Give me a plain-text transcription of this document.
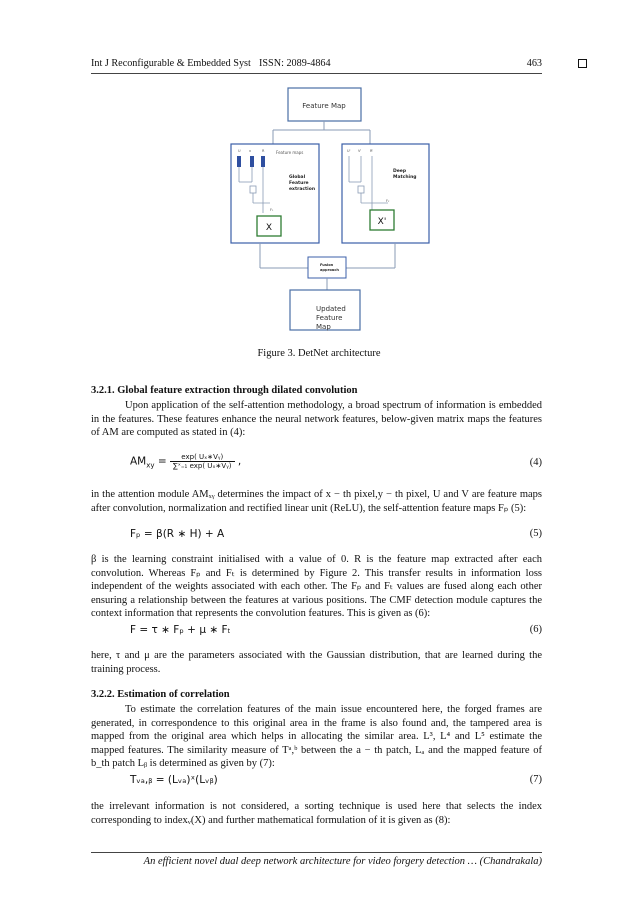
Int J Reconfigurable & Embedded Syst ISSN: 2089-4864	463
Feature Map
U v	R	Feature maps
F₁
Global Feature extraction
X
U' V' R'
F₂
Deep Matching
X'
Fusion approach
Updated Feature Map
Figure 3. DetNet architecture
3.2.1. Global feature extraction through dilated convolution
Upon application of the self-attention methodology, a broad spectrum of information is embedded in the features. These features enhance the neural network features, below-given matrix maps the features of AM are computed as stated in (4):
$AM_{xy} = \frac{\text{exp( Uₓ∗Vᵧ)}}{\text{∑ˣ₌₁ exp( Uₓ∗Vᵧ)}}$ ,	(4)
in the attention module AMₓᵧ determines the impact of x − th pixel,y − th pixel, U and V are feature maps after convolution, normalization and rectified linear unit (ReLU), the self-attention feature maps Fₚ (5):
Fₚ = β(R ∗ H) + A	(5)
β is the learning constraint initialised with a value of 0. R is the feature map extracted after each convolution. Whereas Fₚ and Fₜ is determined by Figure 2. This transfer results in information loss independent of the weights associated with each other. The Fₚ and Fₜ values are fused along each other ensuring a relationship between the features at various positions. The CMF detection module captures the context information that represents the convolution features. This is given as (6):
F = τ ∗ Fₚ + μ ∗ Fₜ	(6)
here, τ and μ are the parameters associated with the Gaussian distribution, that are learned during the training process.
3.2.2. Estimation of correlation
To estimate the correlation features of the main issue encountered here, the forged frames are generated, in correspondence to this original area in the frame is also found and, the tampered area is mapped from the original area which helps in allocating the similar area. L³, L⁴ and L⁵ estimate the mapped features. The similarity measure of Tᵃ,ᵇ between the a − th patch, Lₐ and the mapped feature of b_th patch Lᵦ is determined as given by (7):
Tᵥₐ,ᵦ = (Lᵥₐ)ˣ(Lᵥᵦ)	(7)
the irrelevant information is not considered, a sorting technique is used here that selects the index corresponding to indexᵥ(X) and further mathematical formulation of it is given as (8):
An efficient novel dual deep network architecture for video forgery detection … (Chandrakala)
